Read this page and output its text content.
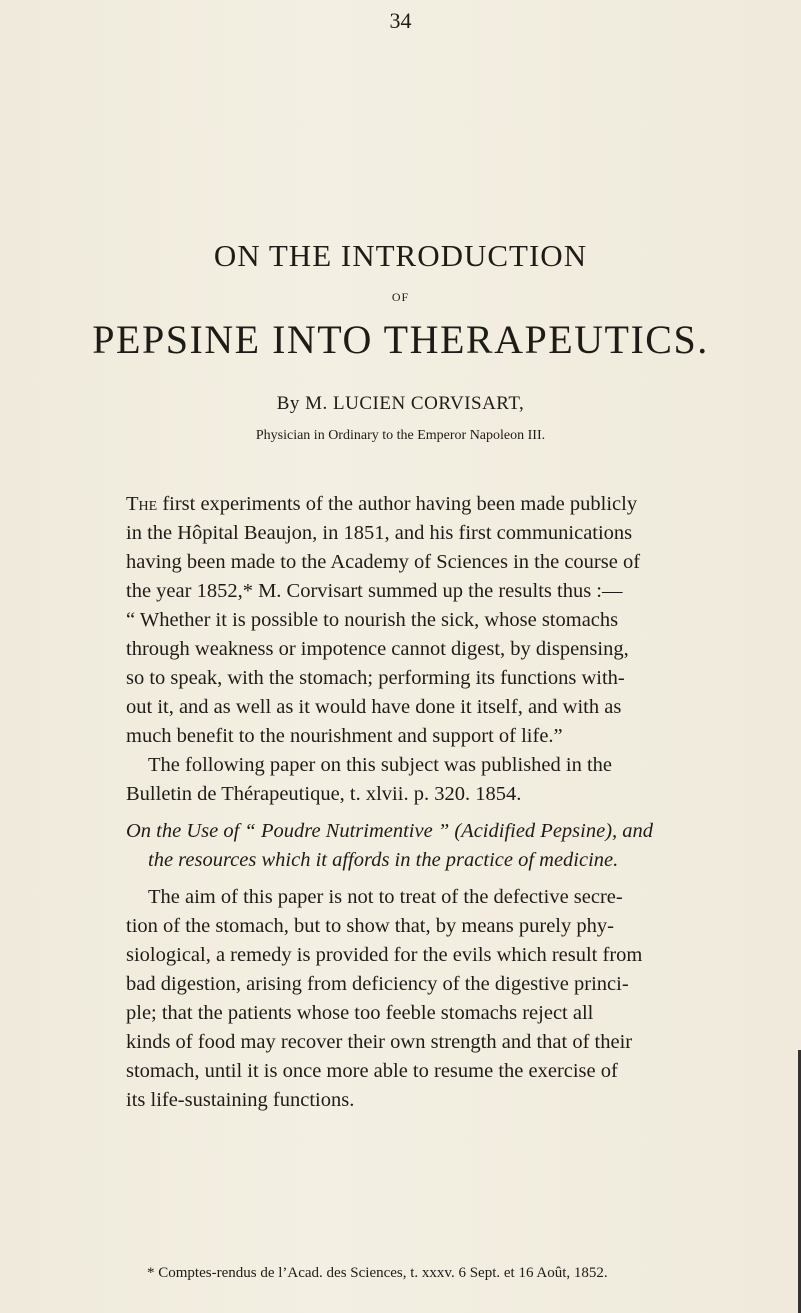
34
ON THE INTRODUCTION
OF
PEPSINE INTO THERAPEUTICS.
By M. LUCIEN CORVISART,
Physician in Ordinary to the Emperor Napoleon III.
The first experiments of the author having been made publicly
in the Hôpital Beaujon, in 1851, and his first communications
having been made to the Academy of Sciences in the course of
the year 1852,* M. Corvisart summed up the results thus :—
“ Whether it is possible to nourish the sick, whose stomachs
through weakness or impotence cannot digest, by dispensing,
so to speak, with the stomach; performing its functions with-
out it, and as well as it would have done it itself, and with as
much benefit to the nourishment and support of life.”
The following paper on this subject was published in the
Bulletin de Thérapeutique, t. xlvii. p. 320. 1854.
On the Use of “ Poudre Nutrimentive ” (Acidified Pepsine), and
the resources which it affords in the practice of medicine.
The aim of this paper is not to treat of the defective secre-
tion of the stomach, but to show that, by means purely phy-
siological, a remedy is provided for the evils which result from
bad digestion, arising from deficiency of the digestive princi-
ple; that the patients whose too feeble stomachs reject all
kinds of food may recover their own strength and that of their
stomach, until it is once more able to resume the exercise of
its life-sustaining functions.
* Comptes-rendus de l’Acad. des Sciences, t. xxxv. 6 Sept. et 16 Août, 1852.
